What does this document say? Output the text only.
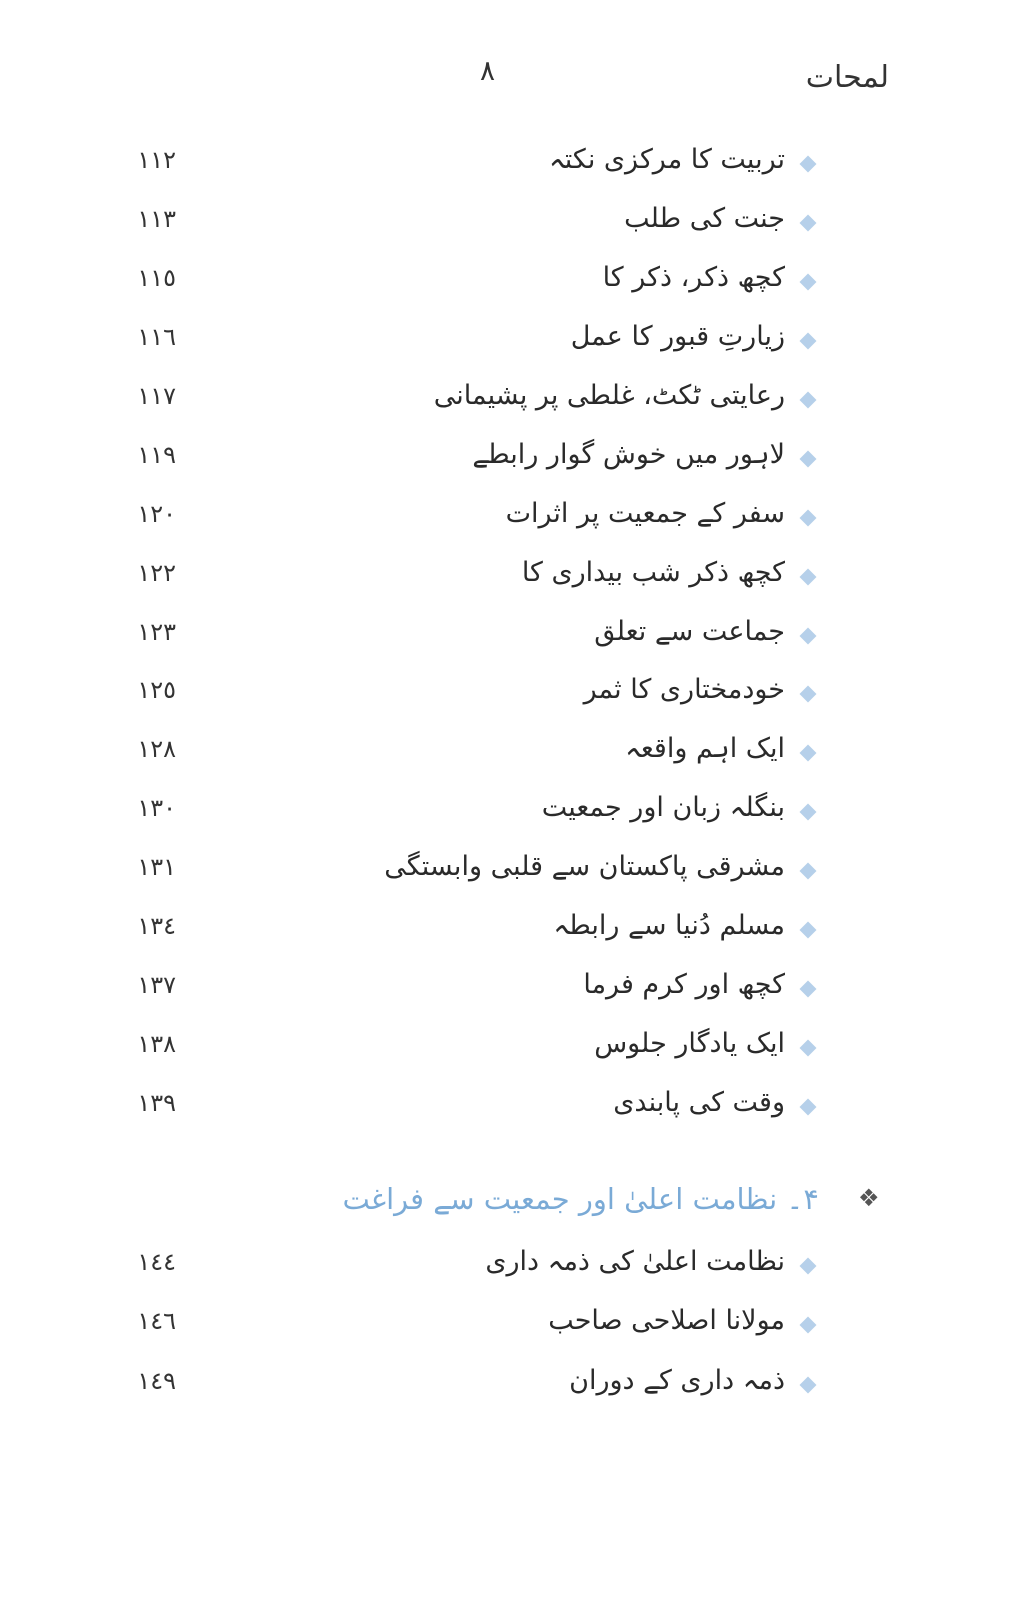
لمحات
٨
تربیت کا مرکزی نکتہ
١١٢
جنت کی طلب
١١٣
کچھ ذکر، ذکر کا
١١٥
زیارتِ قبور کا عمل
١١٦
رعایتی ٹکٹ، غلطی پر پشیمانی
١١٧
لاہور میں خوش گوار رابطے
١١٩
سفر کے جمعیت پر اثرات
١٢٠
کچھ ذکر شب بیداری کا
١٢٢
جماعت سے تعلق
١٢٣
خودمختاری کا ثمر
١٢٥
ایک اہم واقعہ
١٢٨
بنگلہ زبان اور جمعیت
١٣٠
مشرقی پاکستان سے قلبی وابستگی
١٣١
مسلم دُنیا سے رابطہ
١٣٤
کچھ اور کرم فرما
١٣٧
ایک یادگار جلوس
١٣٨
وقت کی پابندی
١٣٩
❖
۴۔ نظامت اعلیٰ اور جمعیت سے فراغت
نظامت اعلیٰ کی ذمہ داری
١٤٤
مولانا اصلاحی صاحب
١٤٦
ذمہ داری کے دوران
١٤٩
